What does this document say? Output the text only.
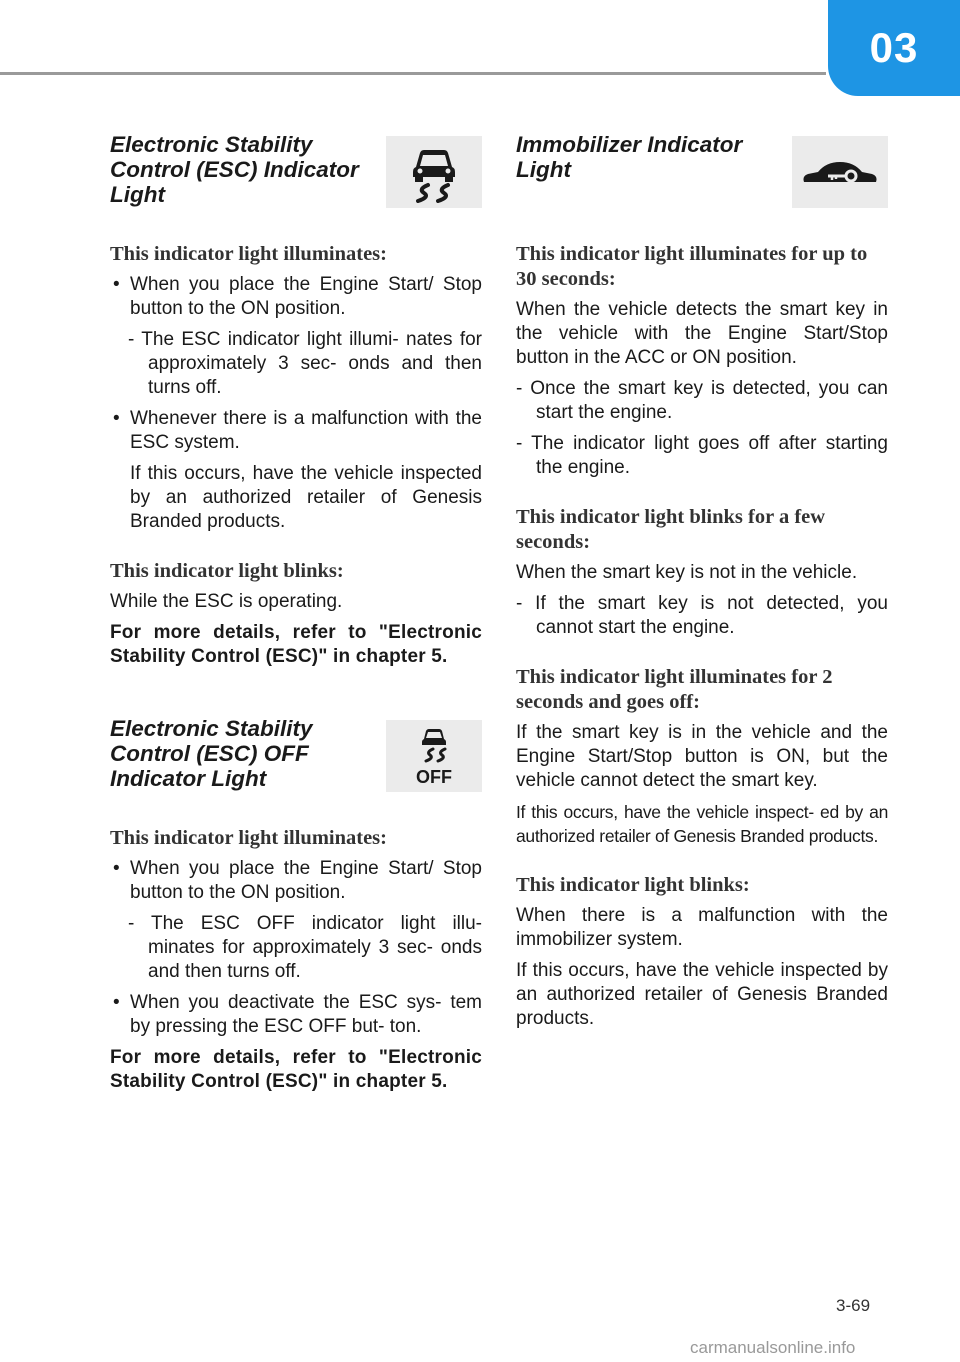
03
Electronic Stability Control (ESC) Indicator Light

This indicator light illuminates:

• When you place the Engine Start/ Stop button to the ON position.

- The ESC indicator light illumi- nates for approximately 3 sec- onds and then turns off.

• Whenever there is a malfunction with the ESC system.

If this occurs, have the vehicle inspected by an authorized retailer of Genesis Branded products.

This indicator light blinks:

While the ESC is operating.

For more details, refer to "Electronic Stability Control (ESC)" in chapter 5.

Electronic Stability Control (ESC) OFF Indicator Light	OFF

This indicator light illuminates:

• When you place the Engine Start/ Stop button to the ON position.

- The ESC OFF indicator light illu- minates for approximately 3 sec- onds and then turns off.

• When you deactivate the ESC sys- tem by pressing the ESC OFF but- ton.

For more details, refer to "Electronic Stability Control (ESC)" in chapter 5.

Immobilizer Indicator Light

This indicator light illuminates for up to 30 seconds:

When the vehicle detects the smart key in the vehicle with the Engine Start/Stop button in the ACC or ON position.

- Once the smart key is detected, you can start the engine.

- The indicator light goes off after starting the engine.

This indicator light blinks for a few seconds:

When the smart key is not in the vehicle.

- If the smart key is not detected, you cannot start the engine.

This indicator light illuminates for 2 seconds and goes off:

If the smart key is in the vehicle and the Engine Start/Stop button is ON, but the vehicle cannot detect the smart key.

If this occurs, have the vehicle inspect- ed by an authorized retailer of Genesis Branded products.

This indicator light blinks:

When there is a malfunction with the immobilizer system.

If this occurs, have the vehicle inspected by an authorized retailer of Genesis Branded products.

3-69
carmanualsonline.info
